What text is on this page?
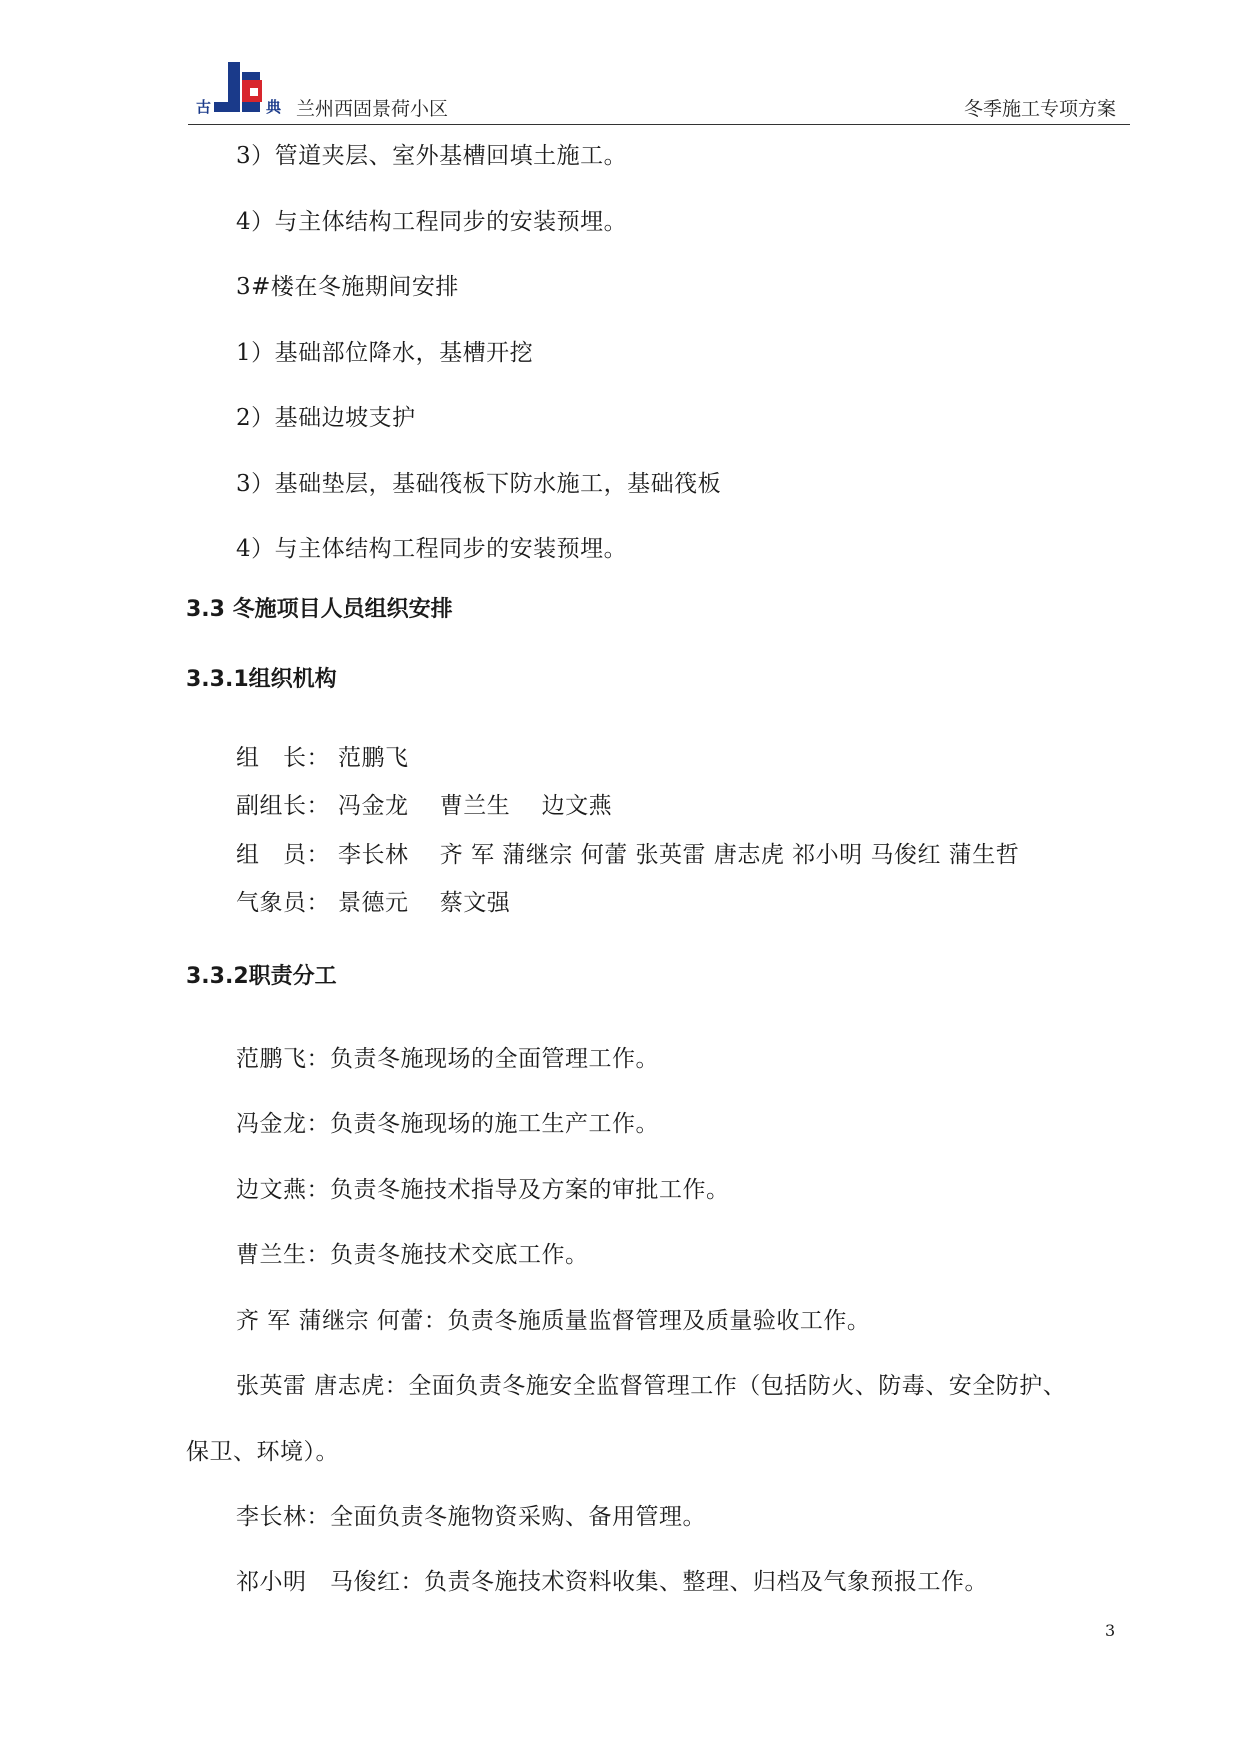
古	典 兰州西固景荷小区	冬季施工专项方案
3）管道夹层、室外基槽回填土施工。
4）与主体结构工程同步的安装预埋。
3#楼在冬施期间安排
1）基础部位降水，基槽开挖
2）基础边坡支护
3）基础垫层，基础筏板下防水施工，基础筏板
4）与主体结构工程同步的安装预埋。
3.3 冬施项目人员组织安排
3.3.1组织机构
组　长： 范鹏飞
副组长： 冯金龙　 曹兰生　 边文燕
组　员： 李长林　 齐 军 蒲继宗 何蕾 张英雷 唐志虎 祁小明 马俊红 蒲生哲
气象员： 景德元　 蔡文强
3.3.2职责分工
范鹏飞：负责冬施现场的全面管理工作。
冯金龙：负责冬施现场的施工生产工作。
边文燕：负责冬施技术指导及方案的审批工作。
曹兰生：负责冬施技术交底工作。
齐 军 蒲继宗 何蕾：负责冬施质量监督管理及质量验收工作。
张英雷 唐志虎：全面负责冬施安全监督管理工作（包括防火、防毒、安全防护、
保卫、环境）。
李长林：全面负责冬施物资采购、备用管理。
祁小明　马俊红：负责冬施技术资料收集、整理、归档及气象预报工作。
3
